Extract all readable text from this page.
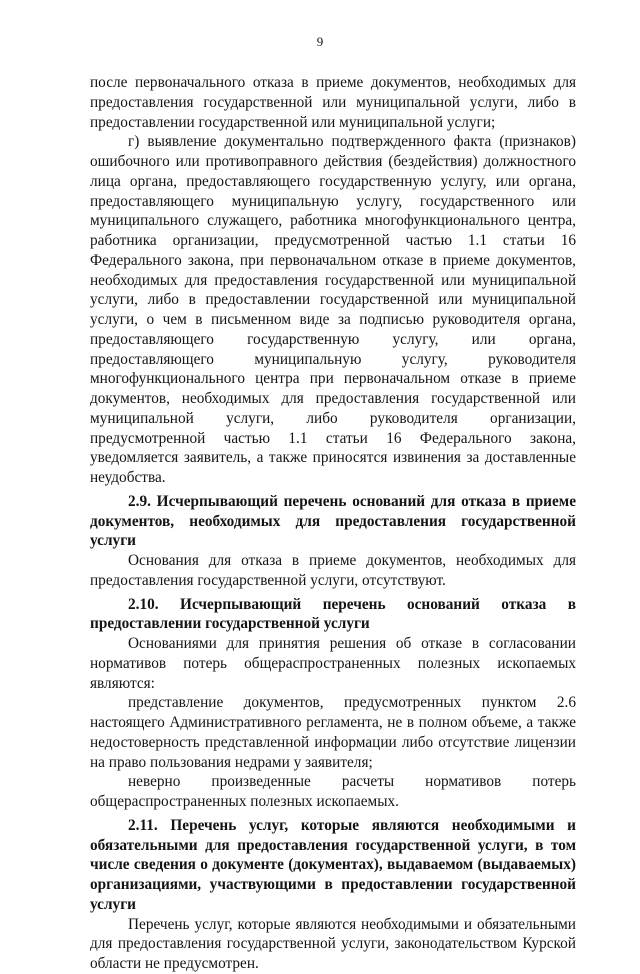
9

после первоначального отказа в приеме документов, необходимых для предоставления государственной или муниципальной услуги, либо в предоставлении государственной или муниципальной услуги;

г) выявление документально подтвержденного факта (признаков) ошибочного или противоправного действия (бездействия) должностного лица органа, предоставляющего государственную услугу, или органа, предоставляющего муниципальную услугу, государственного или муниципального служащего, работника многофункционального центра, работника организации, предусмотренной частью 1.1 статьи 16 Федерального закона, при первоначальном отказе в приеме документов, необходимых для предоставления государственной или муниципальной услуги, либо в предоставлении государственной или муниципальной услуги, о чем в письменном виде за подписью руководителя органа, предоставляющего государственную услугу, или органа, предоставляющего муниципальную услугу, руководителя многофункционального центра при первоначальном отказе в приеме документов, необходимых для предоставления государственной или муниципальной услуги, либо руководителя организации, предусмотренной частью 1.1 статьи 16 Федерального закона, уведомляется заявитель, а также приносятся извинения за доставленные неудобства.

2.9. Исчерпывающий перечень оснований для отказа в приеме документов, необходимых для предоставления государственной услуги

Основания для отказа в приеме документов, необходимых для предоставления государственной услуги, отсутствуют.

2.10. Исчерпывающий перечень оснований отказа в предоставлении государственной услуги

Основаниями для принятия решения об отказе в согласовании нормативов потерь общераспространенных полезных ископаемых являются:

представление документов, предусмотренных пунктом 2.6 настоящего Административного регламента, не в полном объеме, а также недостоверность представленной информации либо отсутствие лицензии на право пользования недрами у заявителя;

неверно произведенные расчеты нормативов потерь общераспространенных полезных ископаемых.

2.11. Перечень услуг, которые являются необходимыми и обязательными для предоставления государственной услуги, в том числе сведения о документе (документах), выдаваемом (выдаваемых) организациями, участвующими в предоставлении государственной услуги

Перечень услуг, которые являются необходимыми и обязательными для предоставления государственной услуги, законодательством Курской области не предусмотрен.
